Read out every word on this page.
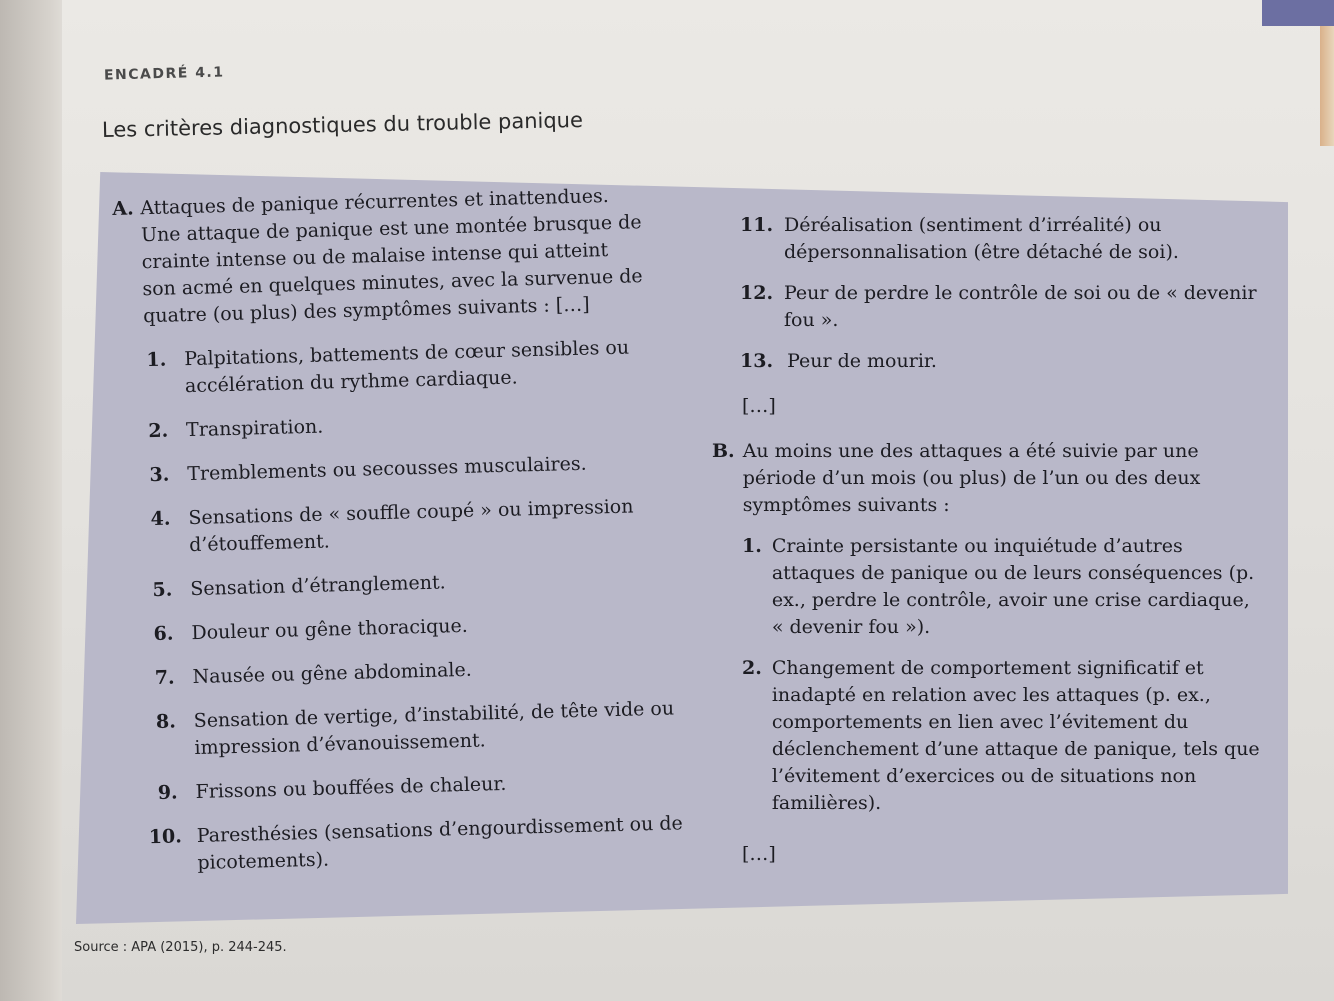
ENCADRÉ 4.1
Les critères diagnostiques du trouble panique
A. Attaques de panique récurrentes et inattendues. Une attaque de panique est une montée brusque de crainte intense ou de malaise intense qui atteint son acmé en quelques minutes, avec la survenue de quatre (ou plus) des symptômes suivants : […]
1. Palpitations, battements de cœur sensibles ou accélération du rythme cardiaque.
2. Transpiration.
3. Tremblements ou secousses musculaires.
4. Sensations de « souffle coupé » ou impression d’étouffement.
5. Sensation d’étranglement.
6. Douleur ou gêne thoracique.
7. Nausée ou gêne abdominale.
8. Sensation de vertige, d’instabilité, de tête vide ou impression d’évanouissement.
9. Frissons ou bouffées de chaleur.
10. Paresthésies (sensations d’engourdissement ou de picotements).
11. Déréalisation (sentiment d’irréalité) ou dépersonnalisation (être détaché de soi).
12. Peur de perdre le contrôle de soi ou de « devenir fou ».
13. Peur de mourir.
[…]
B. Au moins une des attaques a été suivie par une période d’un mois (ou plus) de l’un ou des deux symptômes suivants :
1. Crainte persistante ou inquiétude d’autres attaques de panique ou de leurs conséquences (p. ex., perdre le contrôle, avoir une crise cardiaque, « devenir fou »).
2. Changement de comportement significatif et inadapté en relation avec les attaques (p. ex., comportements en lien avec l’évitement du déclenchement d’une attaque de panique, tels que l’évitement d’exercices ou de situations non familières).
[…]
Source : APA (2015), p. 244-245.
